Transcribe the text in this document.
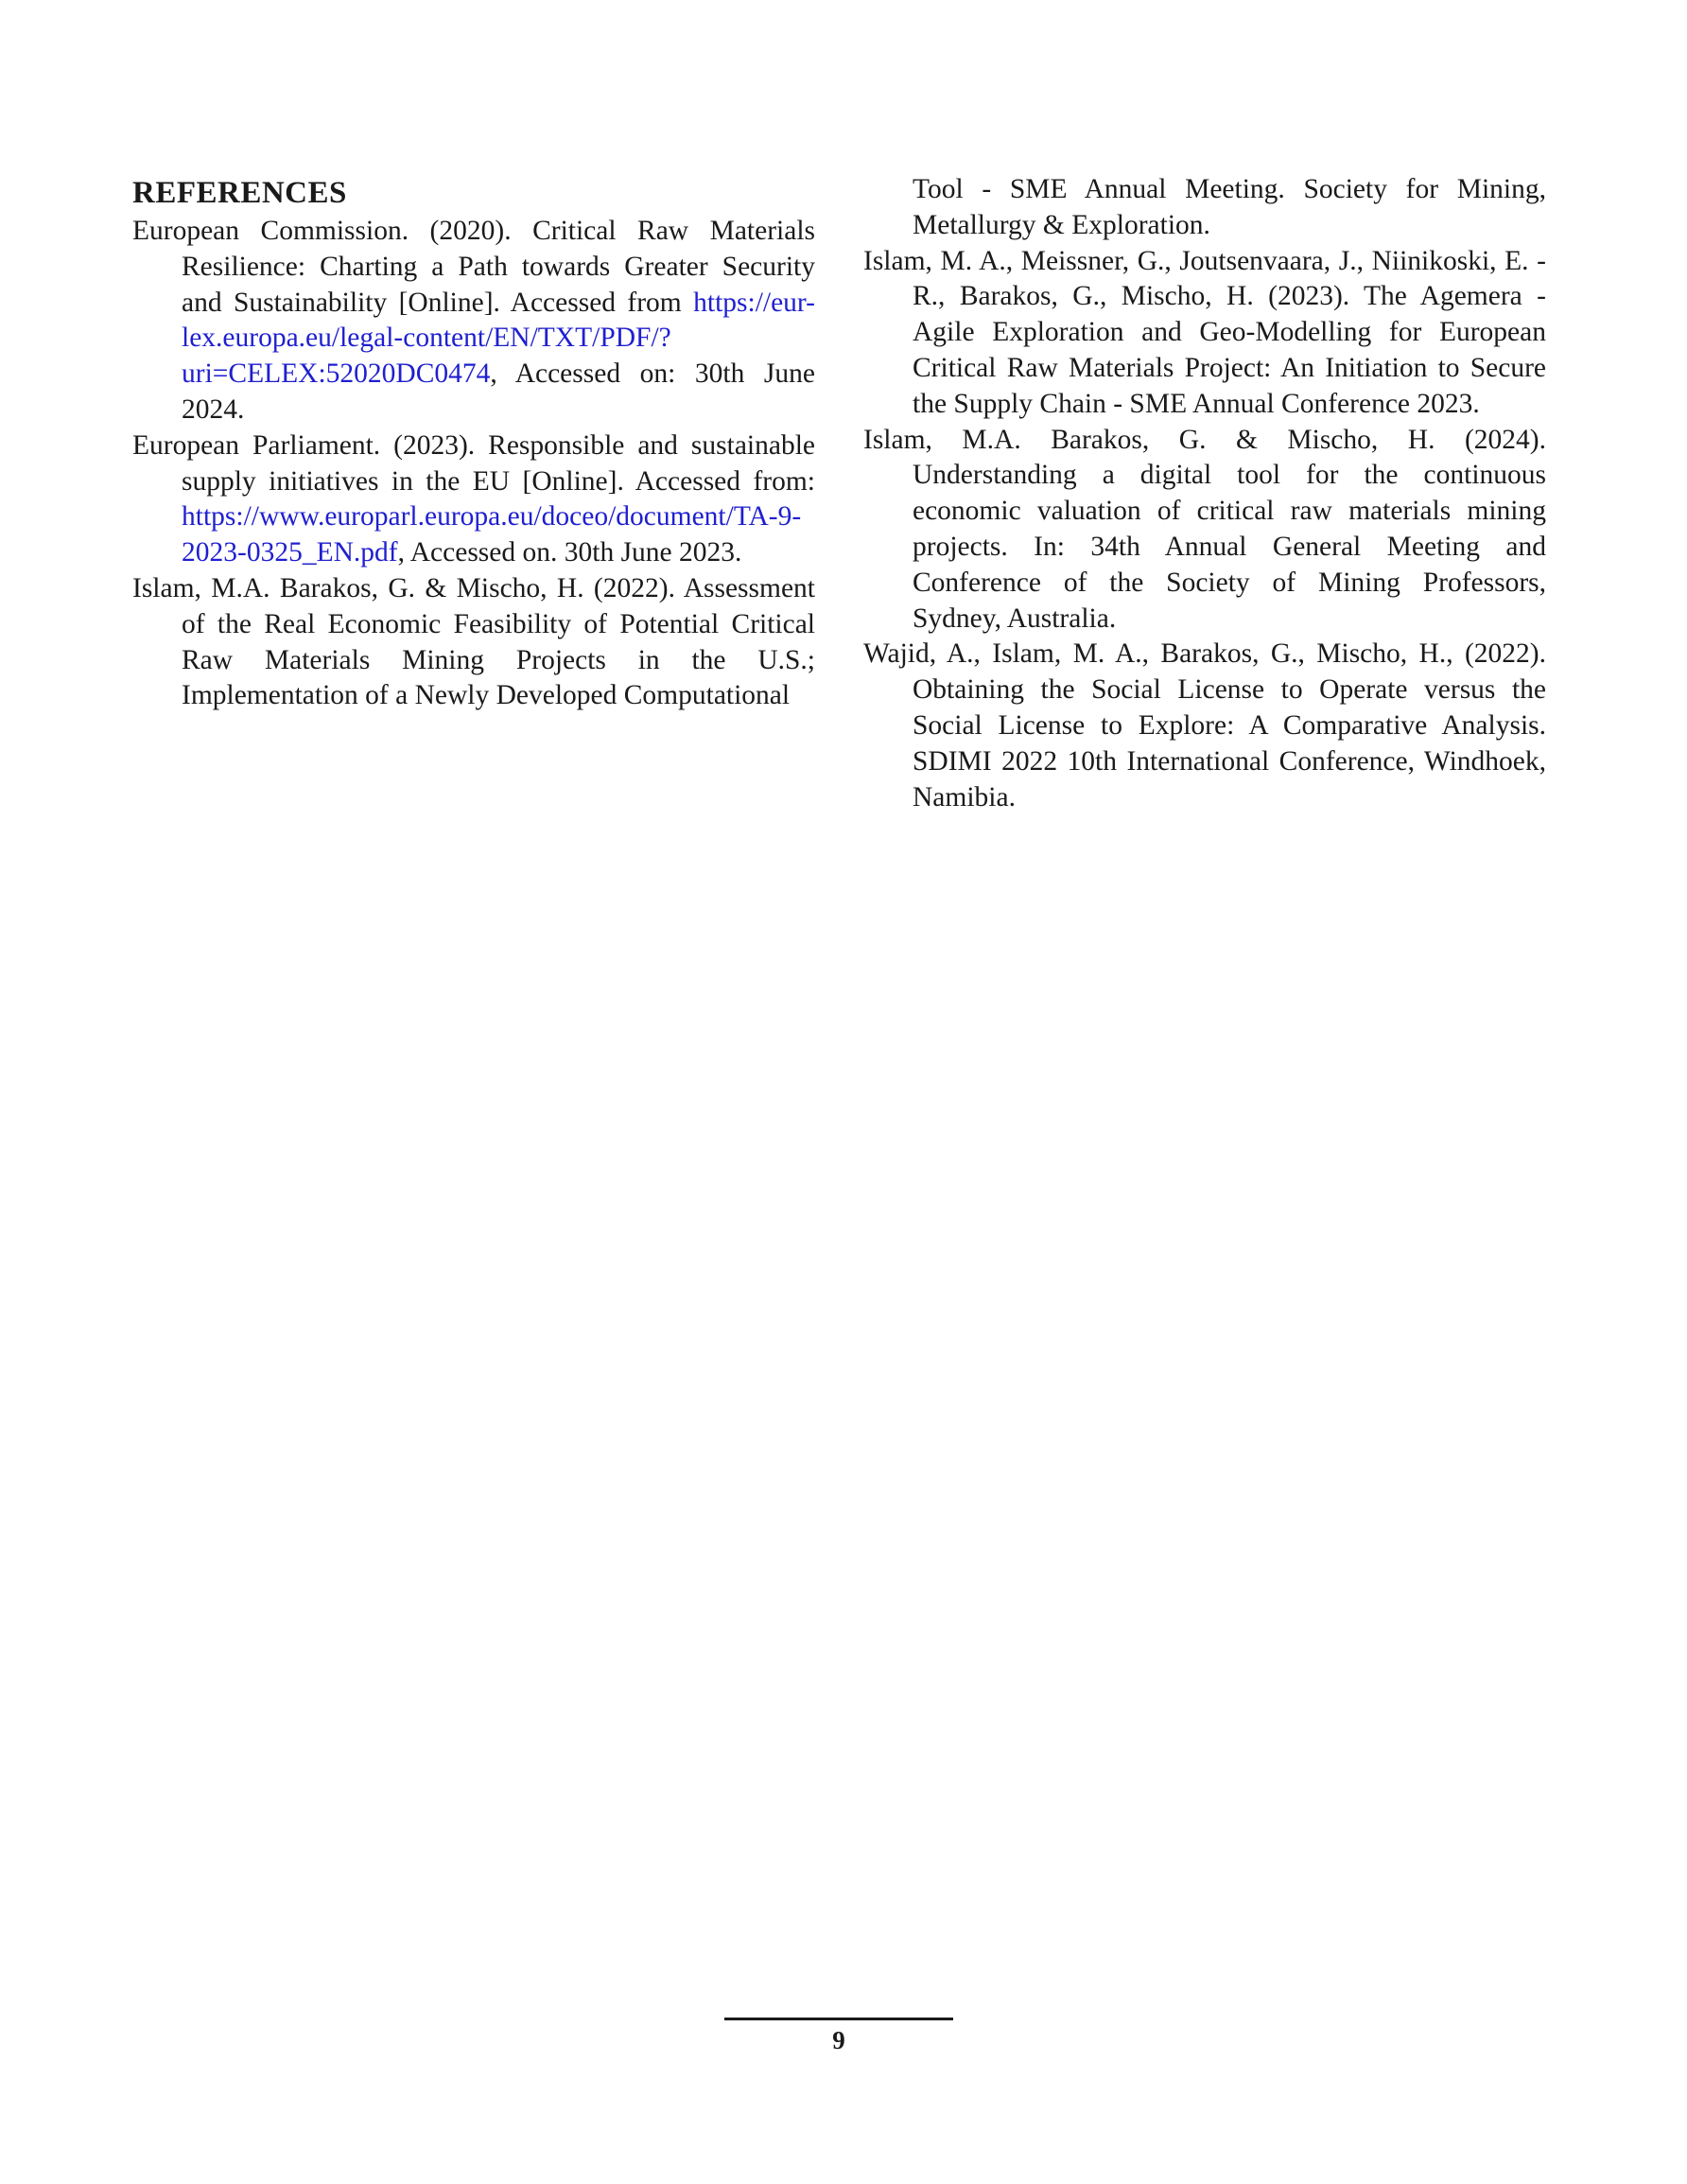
REFERENCES

European Commission. (2020). Critical Raw Materials Resilience: Charting a Path towards Greater Security and Sustainability [Online]. Accessed from https://eur-lex.europa.eu/legal-content/EN/TXT/PDF/?uri=CELEX:52020DC0474, Accessed on: 30th June 2024.

European Parliament. (2023). Responsible and sustainable supply initiatives in the EU [Online]. Accessed from: https://www.europarl.europa.eu/doceo/document/TA-9-2023-0325_EN.pdf, Accessed on. 30th June 2023.

Islam, M.A. Barakos, G. & Mischo, H. (2022). Assessment of the Real Economic Feasibility of Potential Critical Raw Materials Mining Projects in the U.S.; Implementation of a Newly Developed Computational

Tool - SME Annual Meeting. Society for Mining, Metallurgy & Exploration.

Islam, M. A., Meissner, G., Joutsenvaara, J., Niinikoski, E. -R., Barakos, G., Mischo, H. (2023). The Agemera - Agile Exploration and Geo-Modelling for European Critical Raw Materials Project: An Initiation to Secure the Supply Chain - SME Annual Conference 2023.

Islam, M.A. Barakos, G. & Mischo, H. (2024). Understanding a digital tool for the continuous economic valuation of critical raw materials mining projects. In: 34th Annual General Meeting and Conference of the Society of Mining Professors, Sydney, Australia.

Wajid, A., Islam, M. A., Barakos, G., Mischo, H., (2022). Obtaining the Social License to Operate versus the Social License to Explore: A Comparative Analysis. SDIMI 2022 10th International Conference, Windhoek, Namibia.

9
